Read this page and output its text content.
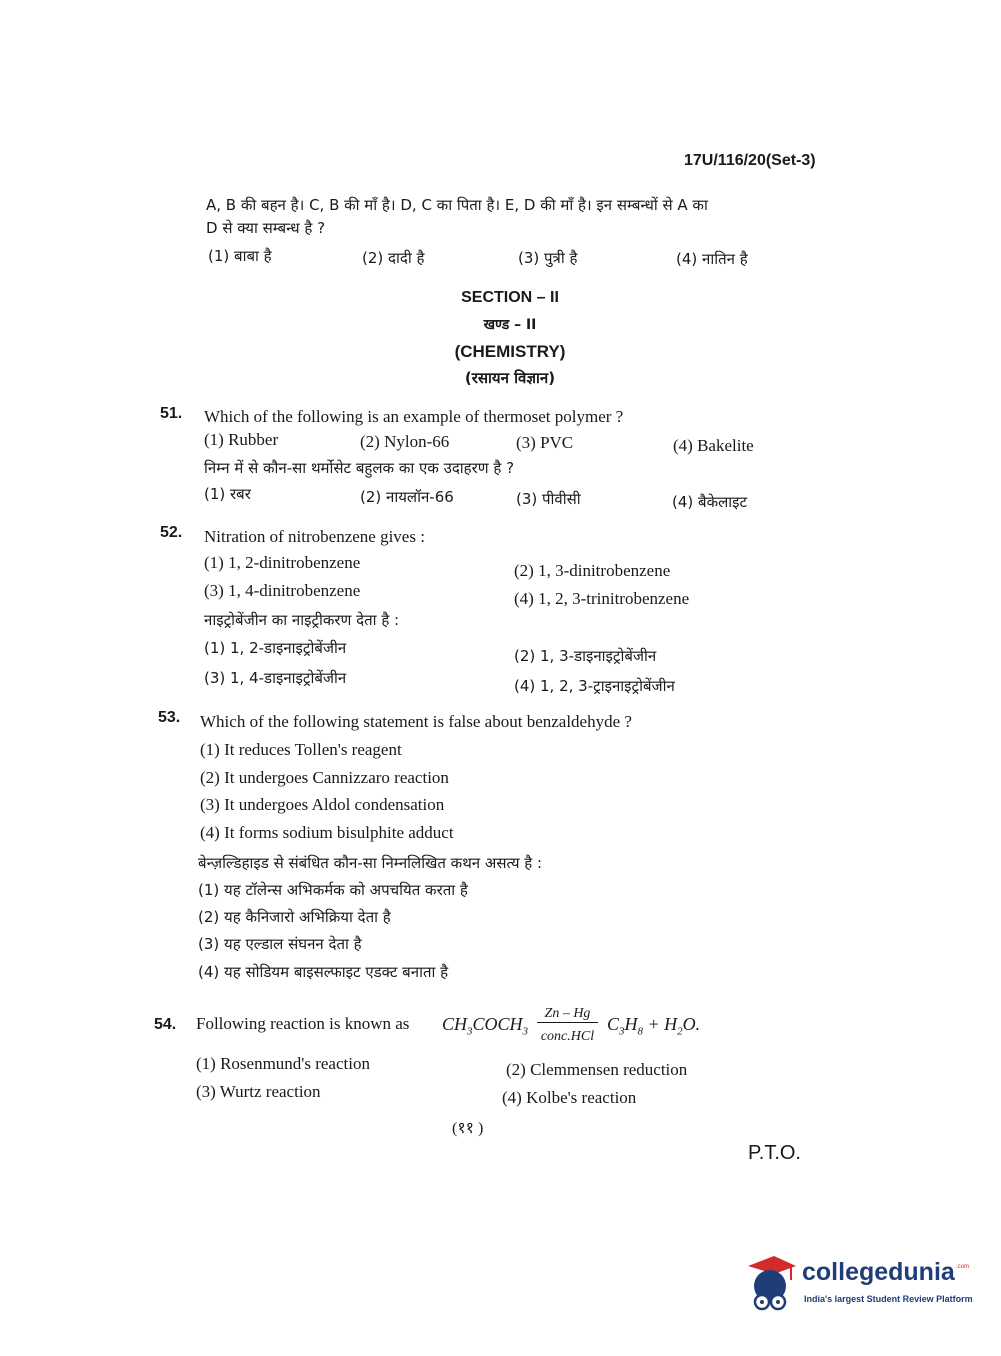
17U/116/20(Set-3)
A, B की बहन है। C, B की माँ है। D, C का पिता है। E, D की माँ है। इन सम्बन्धों से A का
D से क्या सम्बन्ध है ?
(1) बाबा है	(2) दादी है	(3) पुत्री है	(4) नातिन है
SECTION – II
खण्ड – II
(CHEMISTRY)
(रसायन विज्ञान)
51. Which of the following is an example of thermoset polymer ?
(1) Rubber	(2) Nylon-66	(3) PVC	(4) Bakelite
निम्न में से कौन-सा थर्मोसेट बहुलक का एक उदाहरण है ?
(1) रबर	(2) नायलॉन-66	(3) पीवीसी	(4) बैकेलाइट
52. Nitration of nitrobenzene gives :
(1) 1, 2-dinitrobenzene	(2) 1, 3-dinitrobenzene
(3) 1, 4-dinitrobenzene	(4) 1, 2, 3-trinitrobenzene
नाइट्रोबेंजीन का नाइट्रीकरण देता है :
(1) 1, 2-डाइनाइट्रोबेंजीन	(2) 1, 3-डाइनाइट्रोबेंजीन
(3) 1, 4-डाइनाइट्रोबेंजीन	(4) 1, 2, 3-ट्राइनाइट्रोबेंजीन
53. Which of the following statement is false about benzaldehyde ?
(1) It reduces Tollen's reagent
(2) It undergoes Cannizzaro reaction
(3) It undergoes Aldol condensation
(4) It forms sodium bisulphite adduct
बेन्ज़ल्डिहाइड से संबंधित कौन-सा निम्नलिखित कथन असत्य है :
(1) यह टॉलेन्स अभिकर्मक को अपचयित करता है
(2) यह कैनिजारो अभिक्रिया देता है
(3) यह एल्डाल संघनन देता है
(4) यह सोडियम बाइसल्फाइट एडक्ट बनाता है
54. Following reaction is known as $CH_3COCH_3 \frac{Zn - Hg}{\text{conc.HCl}} C_3H_8 + H_2O$.
(1) Rosenmund's reaction	(2) Clemmensen reduction
(3) Wurtz reaction	(4) Kolbe's reaction
(११ )
P.T.O.
collegedunia .com
India's largest Student Review Platform
